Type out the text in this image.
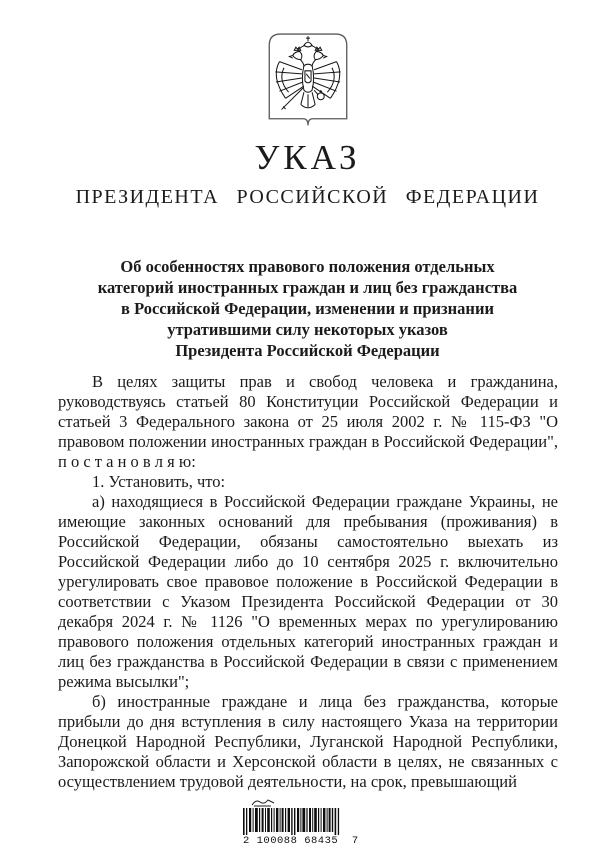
УКАЗ
ПРЕЗИДЕНТА РОССИЙСКОЙ ФЕДЕРАЦИИ
Об особенностях правового положения отдельных
категорий иностранных граждан и лиц без гражданства
в Российской Федерации, изменении и признании
утратившими силу некоторых указов
Президента Российской Федерации

В целях защиты прав и свобод человека и гражданина, руководствуясь статьей 80 Конституции Российской Федерации и статьей 3 Федерального закона от 25 июля 2002 г. № 115-ФЗ "О правовом положении иностранных граждан в Российской Федерации", п о с т а н о в л я ю:

1. Установить, что:

а) находящиеся в Российской Федерации граждане Украины, не имеющие законных оснований для пребывания (проживания) в Российской Федерации, обязаны самостоятельно выехать из Российской Федерации либо до 10 сентября 2025 г. включительно урегулировать свое правовое положение в Российской Федерации в соответствии с Указом Президента Российской Федерации от 30 декабря 2024 г. № 1126 "О временных мерах по урегулированию правового положения отдельных категорий иностранных граждан и лиц без гражданства в Российской Федерации в связи с применением режима высылки";

б) иностранные граждане и лица без гражданства, которые прибыли до дня вступления в силу настоящего Указа на территории Донецкой Народной Республики, Луганской Народной Республики, Запорожской области и Херсонской области в целях, не связанных с осуществлением трудовой деятельности, на срок, превышающий

2 100088 68435  7
